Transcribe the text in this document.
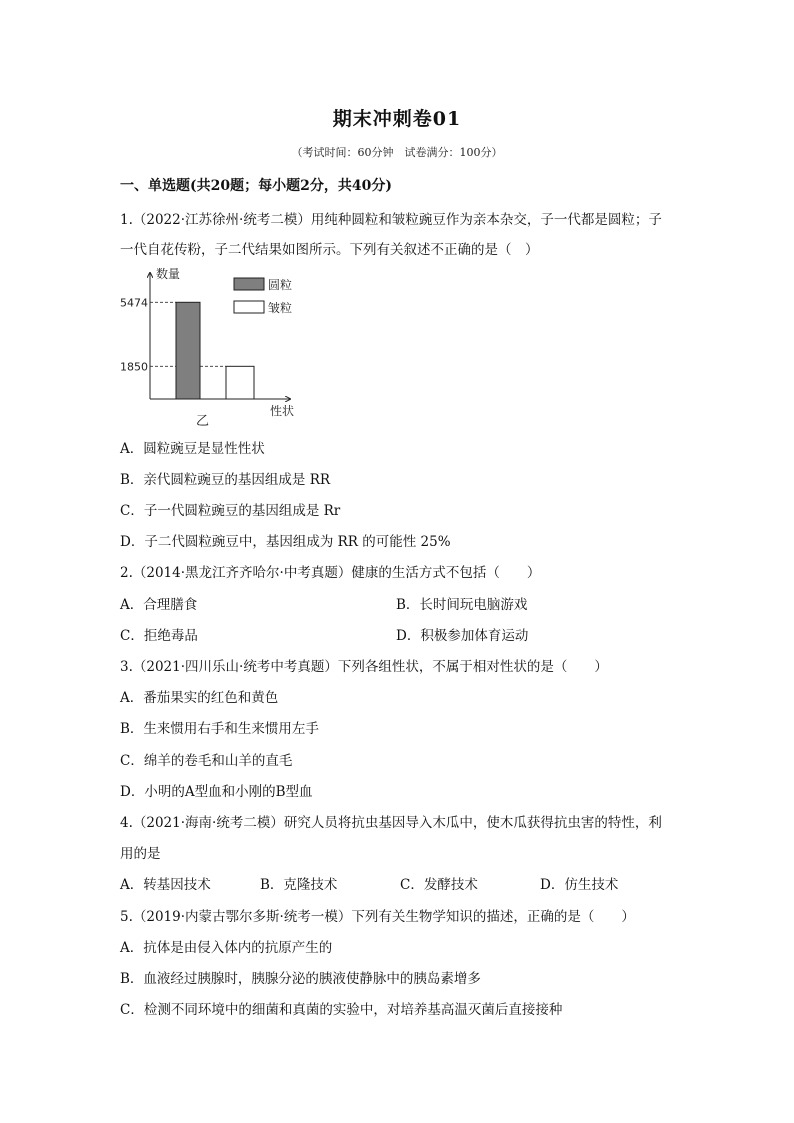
期末冲刺卷01
（考试时间：60分钟　试卷满分：100分）
一、单选题(共20题；每小题2分，共40分)
1.（2022·江苏徐州·统考二模）用纯种圆粒和皱粒豌豆作为亲本杂交，子一代都是圆粒；子
一代自花传粉，子二代结果如图所示。下列有关叙述不正确的是（　）
数量
性状
5474
1850
乙
圆粒
皱粒
A．圆粒豌豆是显性性状
B．亲代圆粒豌豆的基因组成是 RR
C．子一代圆粒豌豆的基因组成是 Rr
D．子二代圆粒豌豆中，基因组成为 RR 的可能性 25%
2.（2014·黑龙江齐齐哈尔·中考真题）健康的生活方式不包括（　　）
A．合理膳食	B．长时间玩电脑游戏
C．拒绝毒品	D．积极参加体育运动
3.（2021·四川乐山·统考中考真题）下列各组性状，不属于相对性状的是（　　）
A．番茄果实的红色和黄色
B．生来惯用右手和生来惯用左手
C．绵羊的卷毛和山羊的直毛
D．小明的A型血和小刚的B型血
4.（2021·海南·统考二模）研究人员将抗虫基因导入木瓜中，使木瓜获得抗虫害的特性，利
用的是
A．转基因技术	B．克隆技术	C．发酵技术	D．仿生技术
5.（2019·内蒙古鄂尔多斯·统考一模）下列有关生物学知识的描述，正确的是（　　）
A．抗体是由侵入体内的抗原产生的
B．血液经过胰腺时，胰腺分泌的胰液使静脉中的胰岛素增多
C．检测不同环境中的细菌和真菌的实验中，对培养基高温灭菌后直接接种
